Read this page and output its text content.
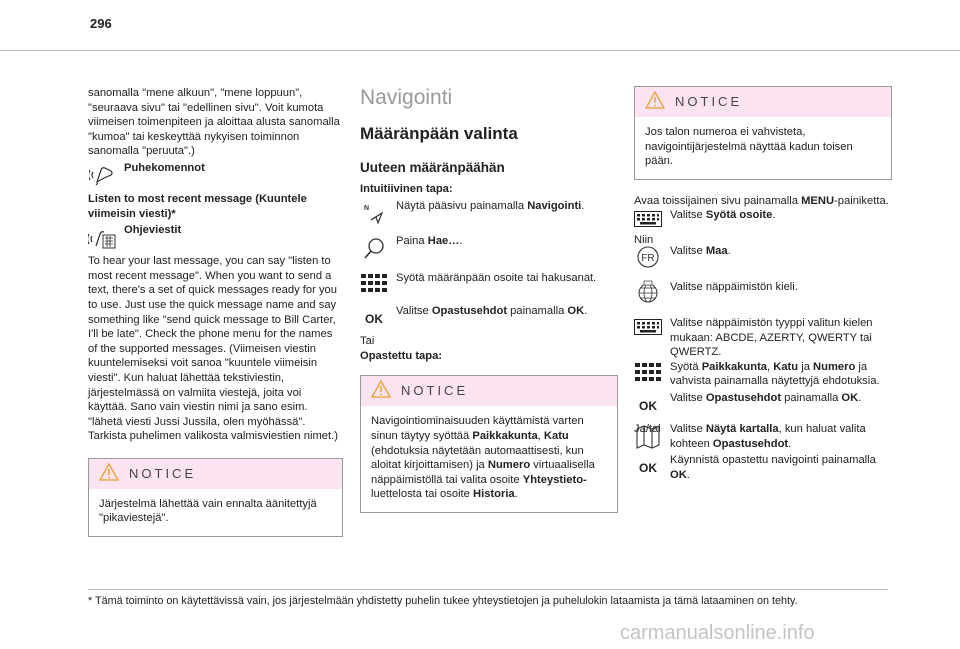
296

sanomalla "mene alkuun", "mene loppuun", "seuraava sivu" tai "edellinen sivu". Voit kumota viimeisen toimenpiteen ja aloittaa alusta sanomalla "kumoa" tai keskeyttää nykyisen toiminnon sanomalla "peruuta".)

Puhekomennot

Listen to most recent message (Kuuntele viimeisin viesti)*

Ohjeviestit

To hear your last message, you can say "listen to most recent message". When you want to send a text, there's a set of quick messages ready for you to use. Just use the quick message name and say something like "send quick message to Bill Carter, I'll be late". Check the phone menu for the names of the supported messages. (Viimeisen viestin kuuntelemiseksi voit sanoa "kuuntele viimeisin viesti". Kun haluat lähettää tekstiviestin, järjestelmässä on valmiita viestejä, joita voi käyttää. Sano vain viestin nimi ja sano esim. "lähetä viesti Jussi Jussila, olen myöhässä". Tarkista puhelimen valikosta valmisviestien nimet.)

NOTICE

Järjestelmä lähettää vain ennalta äänitettyjä "pikaviestejä".

Navigointi
Määränpään valinta
Uuteen määränpäähän

Intuitiivinen tapa:

N Näytä pääsivu painamalla Navigointi.
Paina Hae….
Syötä määränpään osoite tai hakusanat.
OK
Valitse Opastusehdot painamalla OK.

Tai

Opastettu tapa:

NOTICE

Navigointiominaisuuden käyttämistä varten sinun täytyy syöttää Paikkakunta, Katu (ehdotuksia näytetään automaattisesti, kun aloitat kirjoittamisen) ja Numero virtuaalisella näppäimistöllä tai valita osoite Yhteystieto- luettelosta tai osoite Historia.

NOTICE

Jos talon numeroa ei vahvisteta, navigointijärjestelmä näyttää kadun toisen pään.

Avaa toissijainen sivu painamalla MENU-painiketta.

Valitse Syötä osoite.

Niin

FR
Valitse Maa.
Valitse näppäimistön kieli.
Valitse näppäimistön tyyppi valitun kielen mukaan: ABCDE, AZERTY, QWERTY tai QWERTZ.
Syötä Paikkakunta, Katu ja Numero ja vahvista painamalla näytettyjä ehdotuksia.
OK
Valitse Opastusehdot painamalla OK.

Ja/tai Valitse Näytä kartalla, kun haluat valita kohteen Opastusehdot.
OK
Käynnistä opastettu navigointi painamalla OK.
* Tämä toiminto on käytettävissä vain, jos järjestelmään yhdistetty puhelin tukee yhteystietojen ja puhelulokin lataamista ja tämä lataaminen on tehty.
carmanualsonline.info
